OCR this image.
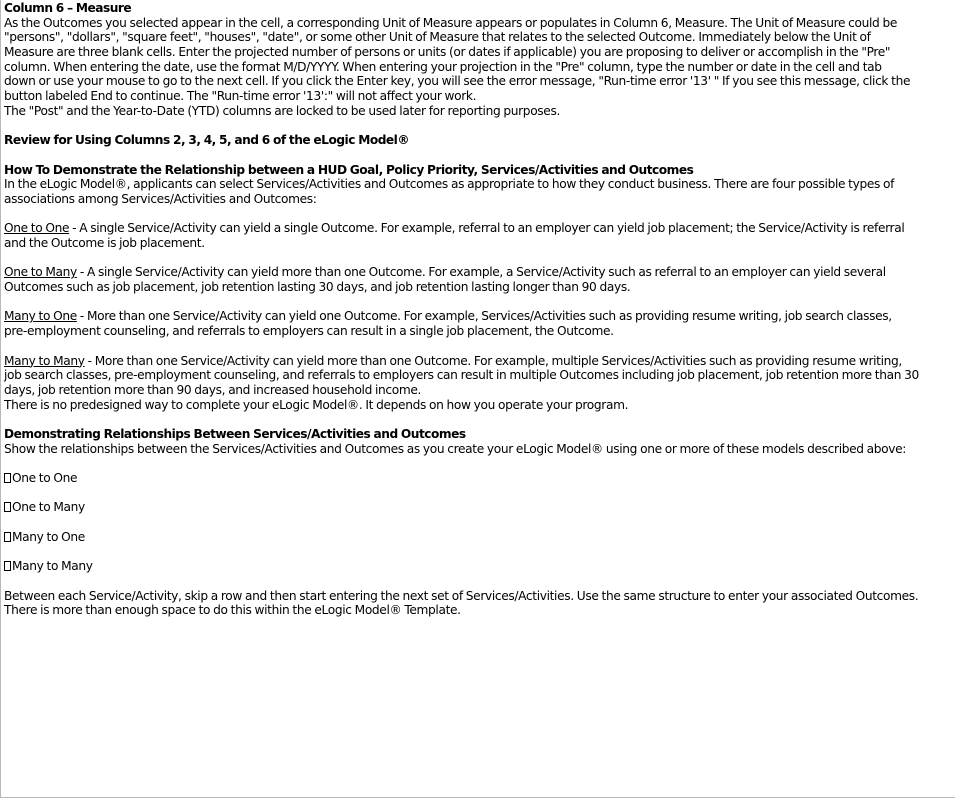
Column 6 – Measure
As the Outcomes you selected appear in the cell, a corresponding Unit of Measure appears or populates in Column 6, Measure. The Unit of Measure could be
"persons", "dollars", "square feet", "houses", "date", or some other Unit of Measure that relates to the selected Outcome. Immediately below the Unit of
Measure are three blank cells. Enter the projected number of persons or units (or dates if applicable) you are proposing to deliver or accomplish in the "Pre"
column. When entering the date, use the format M/D/YYYY. When entering your projection in the "Pre" column, type the number or date in the cell and tab
down or use your mouse to go to the next cell. If you click the Enter key, you will see the error message, "Run-time error '13' " If you see this message, click the
button labeled End to continue. The "Run-time error '13':" will not affect your work.
The "Post" and the Year-to-Date (YTD) columns are locked to be used later for reporting purposes.
Review for Using Columns 2, 3, 4, 5, and 6 of the eLogic Model®
How To Demonstrate the Relationship between a HUD Goal, Policy Priority, Services/Activities and Outcomes
In the eLogic Model®, applicants can select Services/Activities and Outcomes as appropriate to how they conduct business. There are four possible types of
associations among Services/Activities and Outcomes:
One to One - A single Service/Activity can yield a single Outcome. For example, referral to an employer can yield job placement; the Service/Activity is referral
and the Outcome is job placement.
One to Many - A single Service/Activity can yield more than one Outcome. For example, a Service/Activity such as referral to an employer can yield several
Outcomes such as job placement, job retention lasting 30 days, and job retention lasting longer than 90 days.
Many to One - More than one Service/Activity can yield one Outcome. For example, Services/Activities such as providing resume writing, job search classes,
pre-employment counseling, and referrals to employers can result in a single job placement, the Outcome.
Many to Many - More than one Service/Activity can yield more than one Outcome. For example, multiple Services/Activities such as providing resume writing,
job search classes, pre-employment counseling, and referrals to employers can result in multiple Outcomes including job placement, job retention more than 30
days, job retention more than 90 days, and increased household income.
There is no predesigned way to complete your eLogic Model®. It depends on how you operate your program.
Demonstrating Relationships Between Services/Activities and Outcomes
Show the relationships between the Services/Activities and Outcomes as you create your eLogic Model® using one or more of these models described above:
One to One
One to Many
Many to One
Many to Many
Between each Service/Activity, skip a row and then start entering the next set of Services/Activities. Use the same structure to enter your associated Outcomes.
There is more than enough space to do this within the eLogic Model® Template.
